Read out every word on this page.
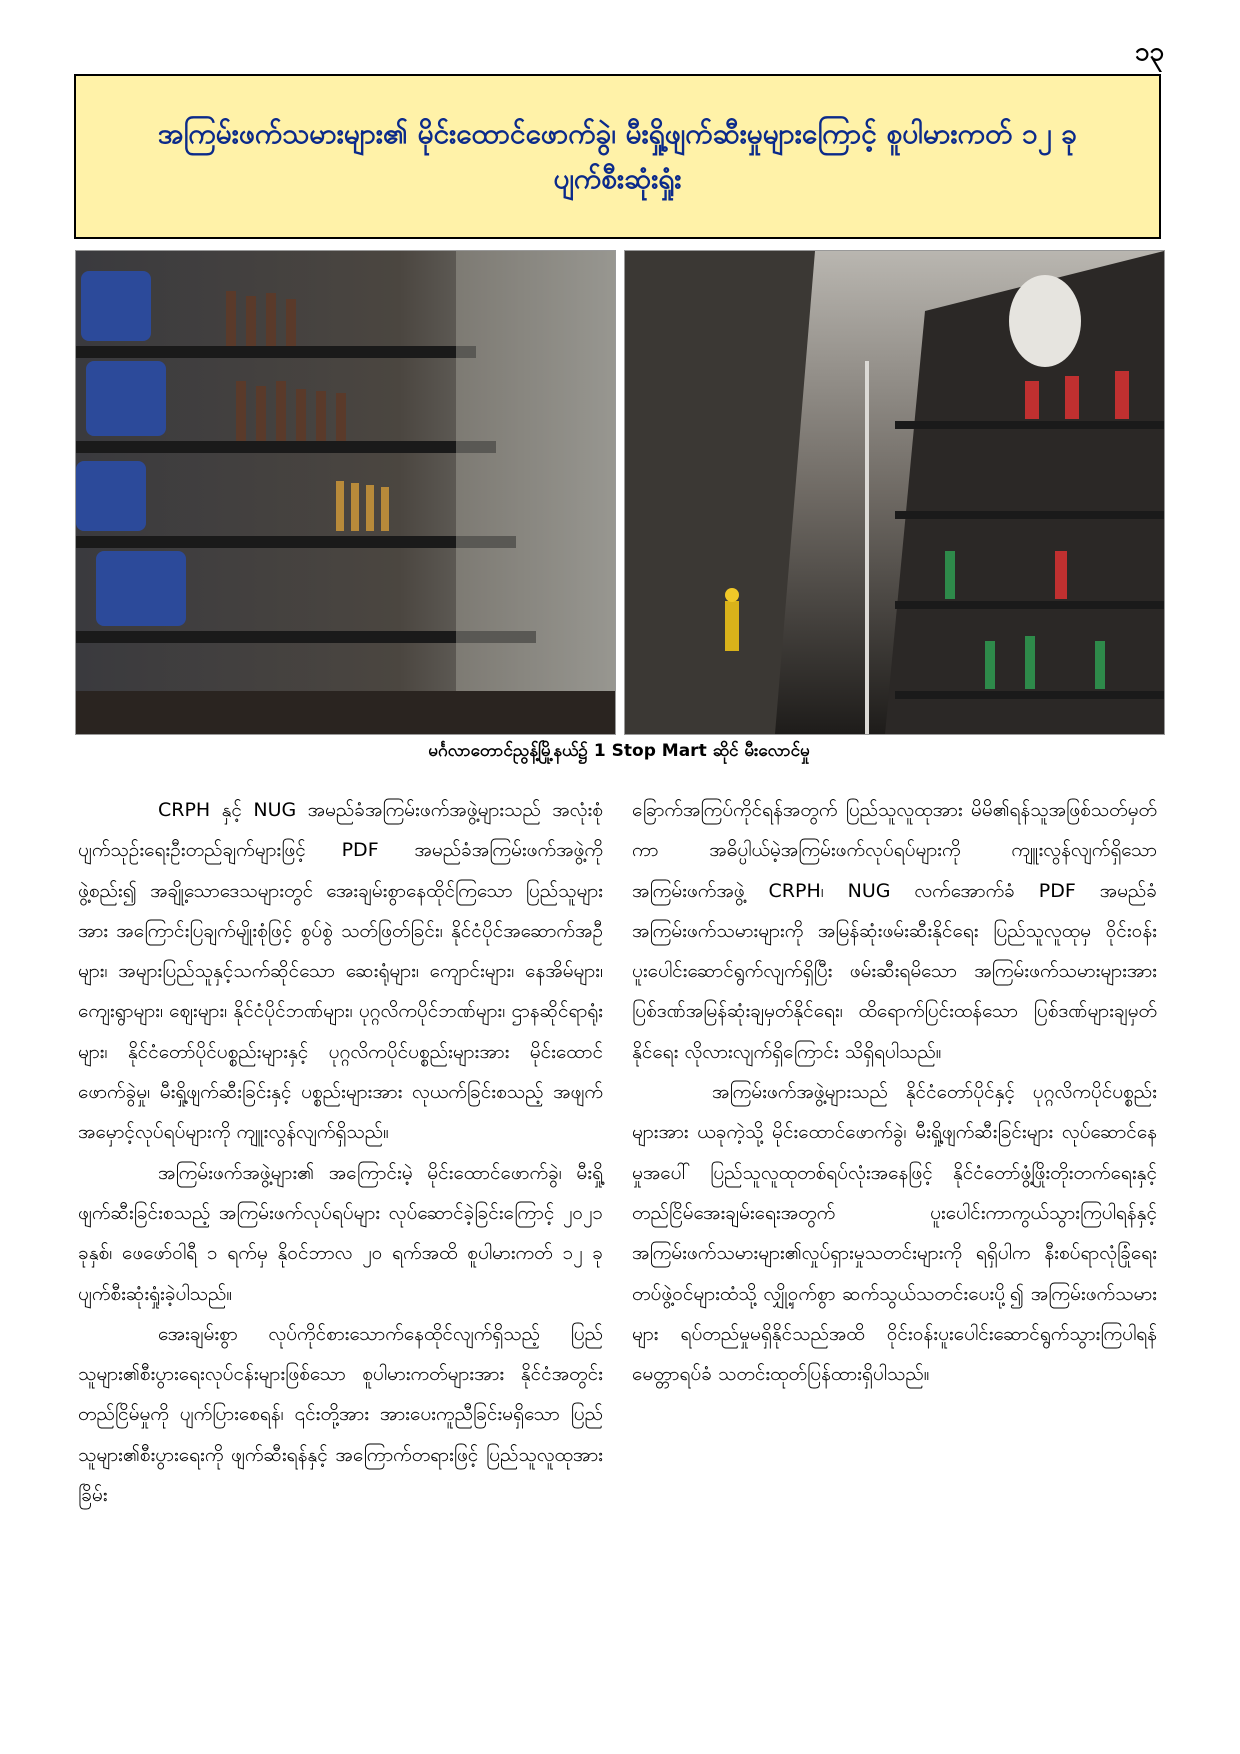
၁၃
အကြမ်းဖက်သမားများ၏ မိုင်းထောင်ဖောက်ခွဲ၊ မီးရှို့ဖျက်ဆီးမှုများကြောင့် စူပါမားကတ် ၁၂ ခုပျက်စီးဆုံးရှုံး
မင်္ဂလာတောင်ညွန့်မြို့နယ်၌ 1 Stop Mart ဆိုင် မီးလောင်မှု

CRPH နှင့် NUG အမည်ခံအကြမ်းဖက်အဖွဲ့များသည် အလုံးစုံပျက်သုဉ်းရေးဦးတည်ချက်များဖြင့် PDF အမည်ခံအကြမ်းဖက်အဖွဲ့ကို ဖွဲ့စည်း၍ အချို့သောဒေသများတွင် အေးချမ်းစွာနေထိုင်ကြသော ပြည်သူများအား အကြောင်းပြချက်မျိုးစုံဖြင့် စွပ်စွဲ သတ်ဖြတ်ခြင်း၊ နိုင်ငံပိုင်အဆောက်အဦများ၊ အများပြည်သူနှင့်သက်ဆိုင်သော ဆေးရုံများ၊ ကျောင်းများ၊ နေအိမ်များ၊ ကျေးရွာများ၊ ဈေးများ၊ နိုင်ငံပိုင်ဘဏ်များ၊ ပုဂ္ဂလိကပိုင်ဘဏ်များ၊ ဌာနဆိုင်ရာရုံးများ၊ နိုင်ငံတော်ပိုင်ပစ္စည်းများနှင့် ပုဂ္ဂလိကပိုင်ပစ္စည်းများအား မိုင်းထောင်ဖောက်ခွဲမှု၊ မီးရှို့ဖျက်ဆီးခြင်းနှင့် ပစ္စည်းများအား လုယက်ခြင်းစသည့် အဖျက်အမှောင့်လုပ်ရပ်များကို ကျူးလွန်လျက်ရှိသည်။

အကြမ်းဖက်အဖွဲ့များ၏ အကြောင်းမဲ့ မိုင်းထောင်ဖောက်ခွဲ၊ မီးရှို့ဖျက်ဆီးခြင်းစသည့် အကြမ်းဖက်လုပ်ရပ်များ လုပ်ဆောင်ခဲ့ခြင်းကြောင့် ၂၀၂၁ ခုနှစ်၊ ဖေဖော်ဝါရီ ၁ ရက်မှ နိုဝင်ဘာလ ၂၀ ရက်အထိ စူပါမားကတ် ၁၂ ခု ပျက်စီးဆုံးရှုံးခဲ့ပါသည်။

အေးချမ်းစွာ လုပ်ကိုင်စားသောက်နေထိုင်လျက်ရှိသည့် ပြည်သူများ၏စီးပွားရေးလုပ်ငန်းများဖြစ်သော စူပါမားကတ်များအား နိုင်ငံအတွင်းတည်ငြိမ်မှုကို ပျက်ပြားစေရန်၊ ၎င်းတို့အား အားပေးကူညီခြင်းမရှိသော ပြည်သူများ၏စီးပွားရေးကို ဖျက်ဆီးရန်နှင့် အကြောက်တရားဖြင့် ပြည်သူလူထုအား ခြိမ်း

ခြောက်အကြပ်ကိုင်ရန်အတွက် ပြည်သူလူထုအား မိမိ၏ရန်သူအဖြစ်သတ်မှတ်ကာ အဓိပ္ပါယ်မဲ့အကြမ်းဖက်လုပ်ရပ်များကို ကျူးလွန်လျက်ရှိသော အကြမ်းဖက်အဖွဲ့ CRPH၊ NUG လက်အောက်ခံ PDF အမည်ခံ အကြမ်းဖက်သမားများကို အမြန်ဆုံးဖမ်းဆီးနိုင်ရေး ပြည်သူလူထုမှ ဝိုင်းဝန်းပူးပေါင်းဆောင်ရွက်လျက်ရှိပြီး ဖမ်းဆီးရမိသော အကြမ်းဖက်သမားများအား ပြစ်ဒဏ်အမြန်ဆုံးချမှတ်နိုင်ရေး၊ ထိရောက်ပြင်းထန်သော ပြစ်ဒဏ်များချမှတ်နိုင်ရေး လိုလားလျက်ရှိကြောင်း သိရှိရပါသည်။

အကြမ်းဖက်အဖွဲ့များသည် နိုင်ငံတော်ပိုင်နှင့် ပုဂ္ဂလိကပိုင်ပစ္စည်းများအား ယခုကဲ့သို့ မိုင်းထောင်ဖောက်ခွဲ၊ မီးရှို့ဖျက်ဆီးခြင်းများ လုပ်ဆောင်နေမှုအပေါ် ပြည်သူလူထုတစ်ရပ်လုံးအနေဖြင့် နိုင်ငံတော်ဖွံ့ဖြိုးတိုးတက်ရေးနှင့် တည်ငြိမ်အေးချမ်းရေးအတွက် ပူးပေါင်းကာကွယ်သွားကြပါရန်နှင့် အကြမ်းဖက်သမားများ၏လှုပ်ရှားမှုသတင်းများကို ရရှိပါက နီးစပ်ရာလုံခြုံရေးတပ်ဖွဲ့ဝင်များထံသို့ လျှို့ဝှက်စွာ ဆက်သွယ်သတင်းပေးပို့၍ အကြမ်းဖက်သမားများ ရပ်တည်မှုမရှိနိုင်သည်အထိ ဝိုင်းဝန်းပူးပေါင်းဆောင်ရွက်သွားကြပါရန် မေတ္တာရပ်ခံ သတင်းထုတ်ပြန်ထားရှိပါသည်။
